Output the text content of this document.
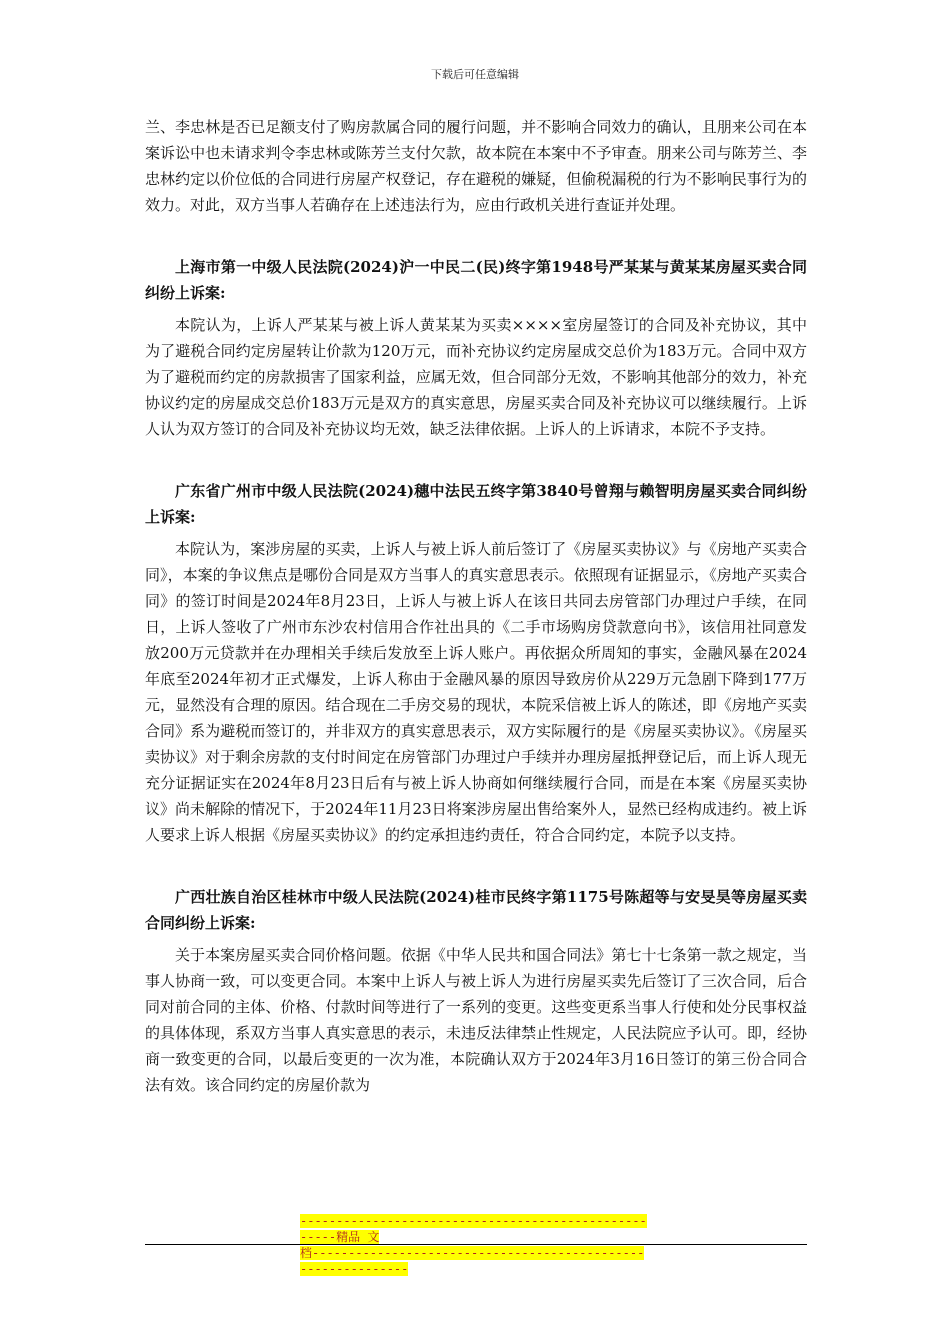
下载后可任意编辑

兰、李忠林是否已足额支付了购房款属合同的履行问题，并不影响合同效力的确认，且朋来公司在本案诉讼中也未请求判令李忠林或陈芳兰支付欠款，故本院在本案中不予审查。朋来公司与陈芳兰、李忠林约定以价位低的合同进行房屋产权登记，存在避税的嫌疑，但偷税漏税的行为不影响民事行为的效力。对此，双方当事人若确存在上述违法行为，应由行政机关进行查证并处理。

上海市第一中级人民法院(2024)沪一中民二(民)终字第1948号严某某与黄某某房屋买卖合同纠纷上诉案:

本院认为，上诉人严某某与被上诉人黄某某为买卖××××室房屋签订的合同及补充协议，其中为了避税合同约定房屋转让价款为120万元，而补充协议约定房屋成交总价为183万元。合同中双方为了避税而约定的房款损害了国家利益，应属无效，但合同部分无效，不影响其他部分的效力，补充协议约定的房屋成交总价183万元是双方的真实意思，房屋买卖合同及补充协议可以继续履行。上诉人认为双方签订的合同及补充协议均无效，缺乏法律依据。上诉人的上诉请求，本院不予支持。

广东省广州市中级人民法院(2024)穗中法民五终字第3840号曾翔与赖智明房屋买卖合同纠纷上诉案:

本院认为，案涉房屋的买卖，上诉人与被上诉人前后签订了《房屋买卖协议》与《房地产买卖合同》，本案的争议焦点是哪份合同是双方当事人的真实意思表示。依照现有证据显示，《房地产买卖合同》的签订时间是2024年8月23日，上诉人与被上诉人在该日共同去房管部门办理过户手续，在同日，上诉人签收了广州市东沙农村信用合作社出具的《二手市场购房贷款意向书》，该信用社同意发放200万元贷款并在办理相关手续后发放至上诉人账户。再依据众所周知的事实，金融风暴在2024年底至2024年初才正式爆发，上诉人称由于金融风暴的原因导致房价从229万元急剧下降到177万元，显然没有合理的原因。结合现在二手房交易的现状，本院采信被上诉人的陈述，即《房地产买卖合同》系为避税而签订的，并非双方的真实意思表示，双方实际履行的是《房屋买卖协议》。《房屋买卖协议》对于剩余房款的支付时间定在房管部门办理过户手续并办理房屋抵押登记后，而上诉人现无充分证据证实在2024年8月23日后有与被上诉人协商如何继续履行合同，而是在本案《房屋买卖协议》尚未解除的情况下，于2024年11月23日将案涉房屋出售给案外人，显然已经构成违约。被上诉人要求上诉人根据《房屋买卖协议》的约定承担违约责任，符合合同约定，本院予以支持。

广西壮族自治区桂林市中级人民法院(2024)桂市民终字第1175号陈超等与安旻昊等房屋买卖合同纠纷上诉案:

关于本案房屋买卖合同价格问题。依据《中华人民共和国合同法》第七十七条第一款之规定，当事人协商一致，可以变更合同。本案中上诉人与被上诉人为进行房屋买卖先后签订了三次合同，后合同对前合同的主体、价格、付款时间等进行了一系列的变更。这些变更系当事人行使和处分民事权益的具体体现，系双方当事人真实意思的表示，未违反法律禁止性规定，人民法院应予认可。即，经协商一致变更的合同，以最后变更的一次为准，本院确认双方于2024年3月16日签订的第三份合同合法有效。该合同约定的房屋价款为

-----------------------------------------------------精品 文
档-------------------------------------------------------------
